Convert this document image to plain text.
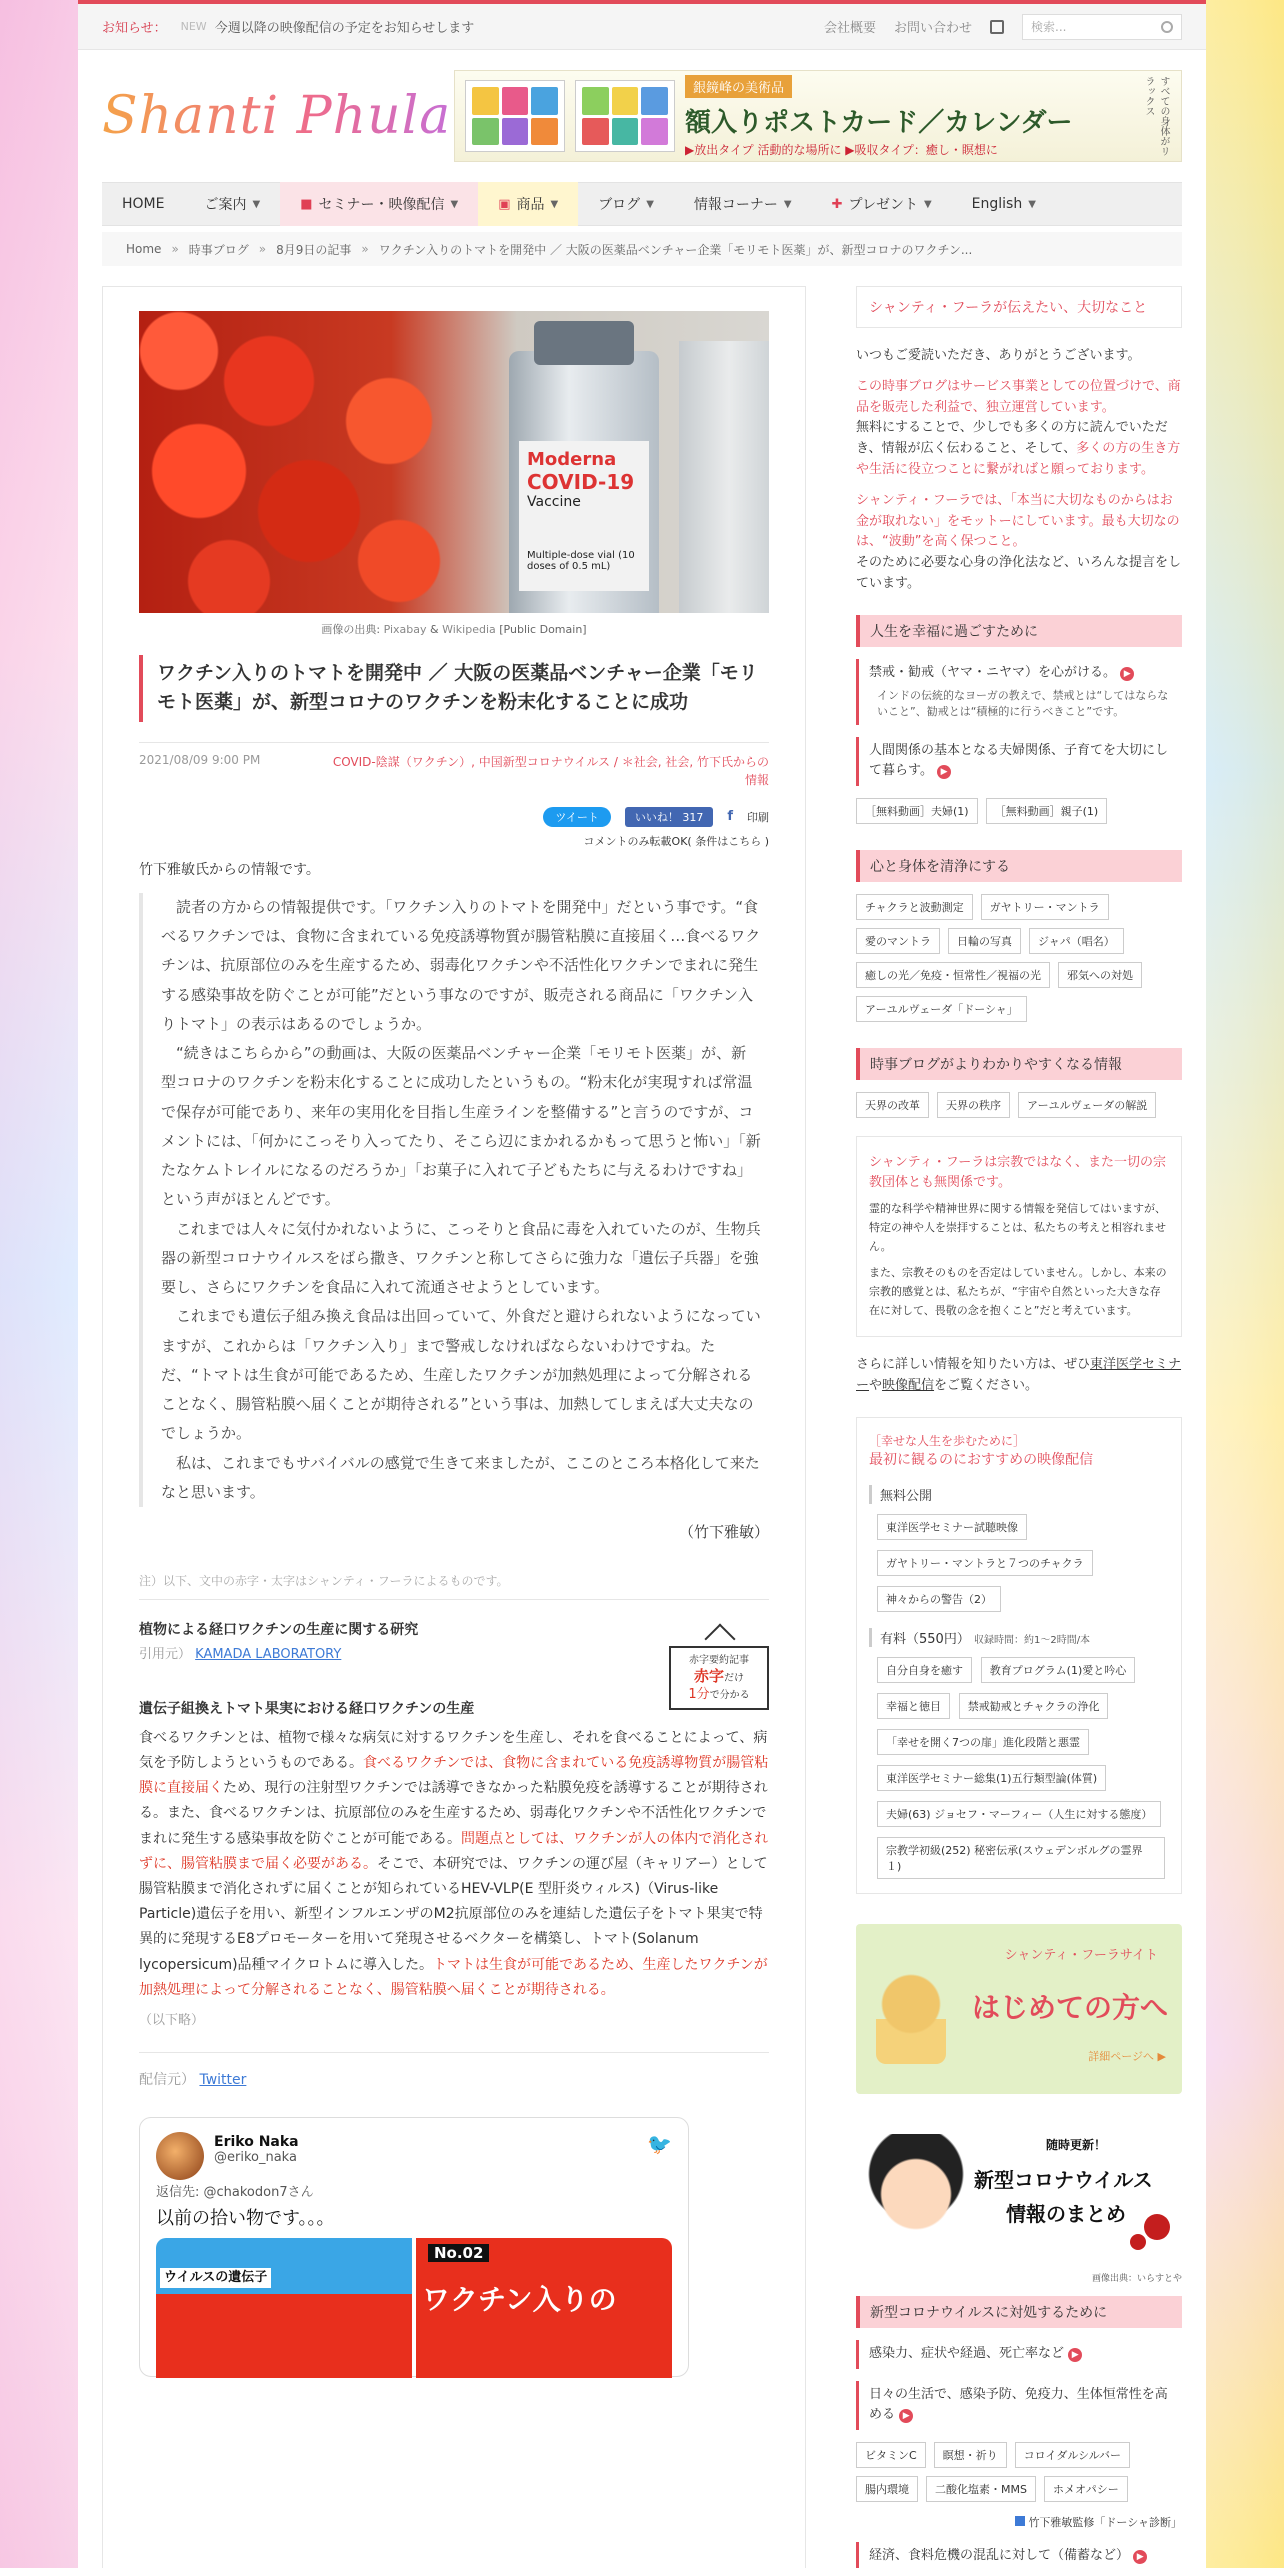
お知らせ： NEW 今週以降の映像配信の予定をお知らせします	会社概要 お問い合わせ	検索...
Shanti Phula	銀鏡峰の美術品
額入りポストカード／カレンダー
▶放出タイプ 活動的な場所に ▶吸収タイプ：癒し・瞑想に	すべての身体がリラックス
HOME	ご案内 ▼	■ セミナー・映像配信 ▼	▣ 商品 ▼	ブログ ▼	情報コーナー ▼	✚ プレゼント ▼	English ▼
Home » 時事ブログ » 8月9日の記事 » ワクチン入りのトマトを開発中 ／ 大阪の医薬品ベンチャー企業「モリモト医薬」が、新型コロナのワクチン...
Moderna
COVID-19
Vaccine
Multiple-dose vial (10 doses of 0.5 mL)
画像の出典: Pixabay & Wikipedia [Public Domain]
ワクチン入りのトマトを開発中 ／ 大阪の医薬品ベンチャー企業「モリモト医薬」が、新型コロナのワクチンを粉末化することに成功
2021/08/09 9:00 PM	COVID-陰謀（ワクチン）, 中国新型コロナウイルス / ＊社会, 社会, 竹下氏からの情報
ツイート	いいね！ 317	f 印刷
コメントのみ転載OK( 条件はこちら )

竹下雅敏氏からの情報です。

読者の方からの情報提供です。「ワクチン入りのトマトを開発中」だという事です。“食べるワクチンでは、食物に含まれている免疫誘導物質が腸管粘膜に直接届く…食べるワクチンは、抗原部位のみを生産するため、弱毒化ワクチンや不活性化ワクチンでまれに発生する感染事故を防ぐことが可能”だという事なのですが、販売される商品に「ワクチン入りトマト」の表示はあるのでしょうか。

“続きはこちらから”の動画は、大阪の医薬品ベンチャー企業「モリモト医薬」が、新型コロナのワクチンを粉末化することに成功したというもの。“粉末化が実現すれば常温で保存が可能であり、来年の実用化を目指し生産ラインを整備する”と言うのですが、コメントには、「何かにこっそり入ってたり、そこら辺にまかれるかもって思うと怖い」「新たなケムトレイルになるのだろうか」「お菓子に入れて子どもたちに与えるわけですね」という声がほとんどです。

これまでは人々に気付かれないように、こっそりと食品に毒を入れていたのが、生物兵器の新型コロナウイルスをばら撒き、ワクチンと称してさらに強力な「遺伝子兵器」を強要し、さらにワクチンを食品に入れて流通させようとしています。

これまでも遺伝子組み換え食品は出回っていて、外食だと避けられないようになっていますが、これからは「ワクチン入り」まで警戒しなければならないわけですね。ただ、“トマトは生食が可能であるため、生産したワクチンが加熱処理によって分解されることなく、腸管粘膜へ届くことが期待される”という事は、加熱してしまえば大丈夫なのでしょうか。

私は、これまでもサバイバルの感覚で生きて来ましたが、ここのところ本格化して来たなと思います。

（竹下雅敏）
注）以下、文中の赤字・太字はシャンティ・フーラによるものです。
植物による経口ワクチンの生産に関する研究
引用元） KAMADA LABORATORY	赤字要約記事
赤字だけ
1分で分かる
遺伝子組換えトマト果実における経口ワクチンの生産

食べるワクチンとは、植物で様々な病気に対するワクチンを生産し、それを食べることによって、病気を予防しようというものである。食べるワクチンでは、食物に含まれている免疫誘導物質が腸管粘膜に直接届くため、現行の注射型ワクチンでは誘導できなかった粘膜免疫を誘導することが期待される。また、食べるワクチンは、抗原部位のみを生産するため、弱毒化ワクチンや不活性化ワクチンでまれに発生する感染事故を防ぐことが可能である。問題点としては、ワクチンが人の体内で消化されずに、腸管粘膜まで届く必要がある。そこで、本研究では、ワクチンの運び屋（キャリアー）として腸管粘膜まで消化されずに届くことが知られているHEV-VLP(E 型肝炎ウィルス)（Virus-like Particle)遺伝子を用い、新型インフルエンザのM2抗原部位のみを連結した遺伝子をトマト果実で特異的に発現するE8プロモーターを用いて発現させるベクターを構築し、トマト(Solanum lycopersicum)品種マイクロトムに導入した。トマトは生食が可能であるため、生産したワクチンが加熱処理によって分解されることなく、腸管粘膜へ届くことが期待される。

（以下略）
配信元） Twitter
Eriko Naka
@eriko_naka
🐦
返信先: @chakodon7さん
以前の拾い物です。。。
ウイルスの遺伝子
No.02
ワクチン入りの
シャンティ・フーラが伝えたい、大切なこと

いつもご愛読いただき、ありがとうございます。

この時事ブログはサービス事業としての位置づけで、商品を販売した利益で、独立運営しています。

無料にすることで、少しでも多くの方に読んでいただき、情報が広く伝わること、そして、多くの方の生き方や生活に役立つことに繋がればと願っております。

シャンティ・フーラでは、「本当に大切なものからはお金が取れない」をモットーにしています。最も大切なのは、“波動”を高く保つこと。

そのために必要な心身の浄化法など、いろんな提言をしています。

人生を幸福に過ごすために
禁戒・勧戒（ヤマ・ニヤマ）を心がける。 ▶
インドの伝統的なヨーガの教えで、禁戒とは“してはならないこと”、勧戒とは“積極的に行うべきこと”です。
人間関係の基本となる夫婦関係、子育てを大切にして暮らす。 ▶
［無料動画］夫婦(1)	［無料動画］親子(1)
心と身体を清浄にする
チャクラと波動測定	ガヤトリー・マントラ
愛のマントラ	日輪の写真	ジャパ（唱名）
癒しの光／免疫・恒常性／視福の光	邪気への対処
アーユルヴェーダ「ドーシャ」
時事ブログがよりわかりやすくなる情報
天界の改革	天界の秩序	アーユルヴェーダの解説
シャンティ・フーラは宗教ではなく、また一切の宗教団体とも無関係です。
霊的な科学や精神世界に関する情報を発信してはいますが、特定の神や人を崇拝することは、私たちの考えと相容れません。
また、宗教そのものを否定はしていません。しかし、本来の宗教的感覚とは、私たちが、“宇宙や自然といった大きな存在に対して、畏敬の念を抱くこと”だと考えています。

さらに詳しい情報を知りたい方は、ぜひ東洋医学セミナーや映像配信をご覧ください。

［幸せな人生を歩むために］
最初に観るのにおすすめの映像配信
無料公開
東洋医学セミナー試聴映像
ガヤトリー・マントラと７つのチャクラ
神々からの警告（2）
有料（550円） 収録時間：約1〜2時間/本
自分自身を癒す 教育プログラム(1)愛と吟心
幸福と徳目 禁戒勧戒とチャクラの浄化
「幸せを開く7つの扉」進化段階と悪霊
東洋医学セミナー総集(1)五行類型論(体質)
夫婦(63) ジョセフ・マーフィー（人生に対する態度）
宗教学初級(252) 秘密伝承(スウェデンボルグの霊界１)
シャンティ・フーラサイト
はじめての方へ
詳細ページへ ▶
随時更新！
新型コロナウイルス
情報のまとめ
画像出典：いらすとや
新型コロナウイルスに対処するために
感染力、症状や経過、死亡率など ▶
日々の生活で、感染予防、免疫力、生体恒常性を高める ▶
ビタミンC	瞑想・祈り	コロイダルシルバー
腸内環境	二酸化塩素・MMS	ホメオパシー
竹下雅敏監修「ドーシャ診断」
経済、食料危機の混乱に対して（備蓄など） ▶
